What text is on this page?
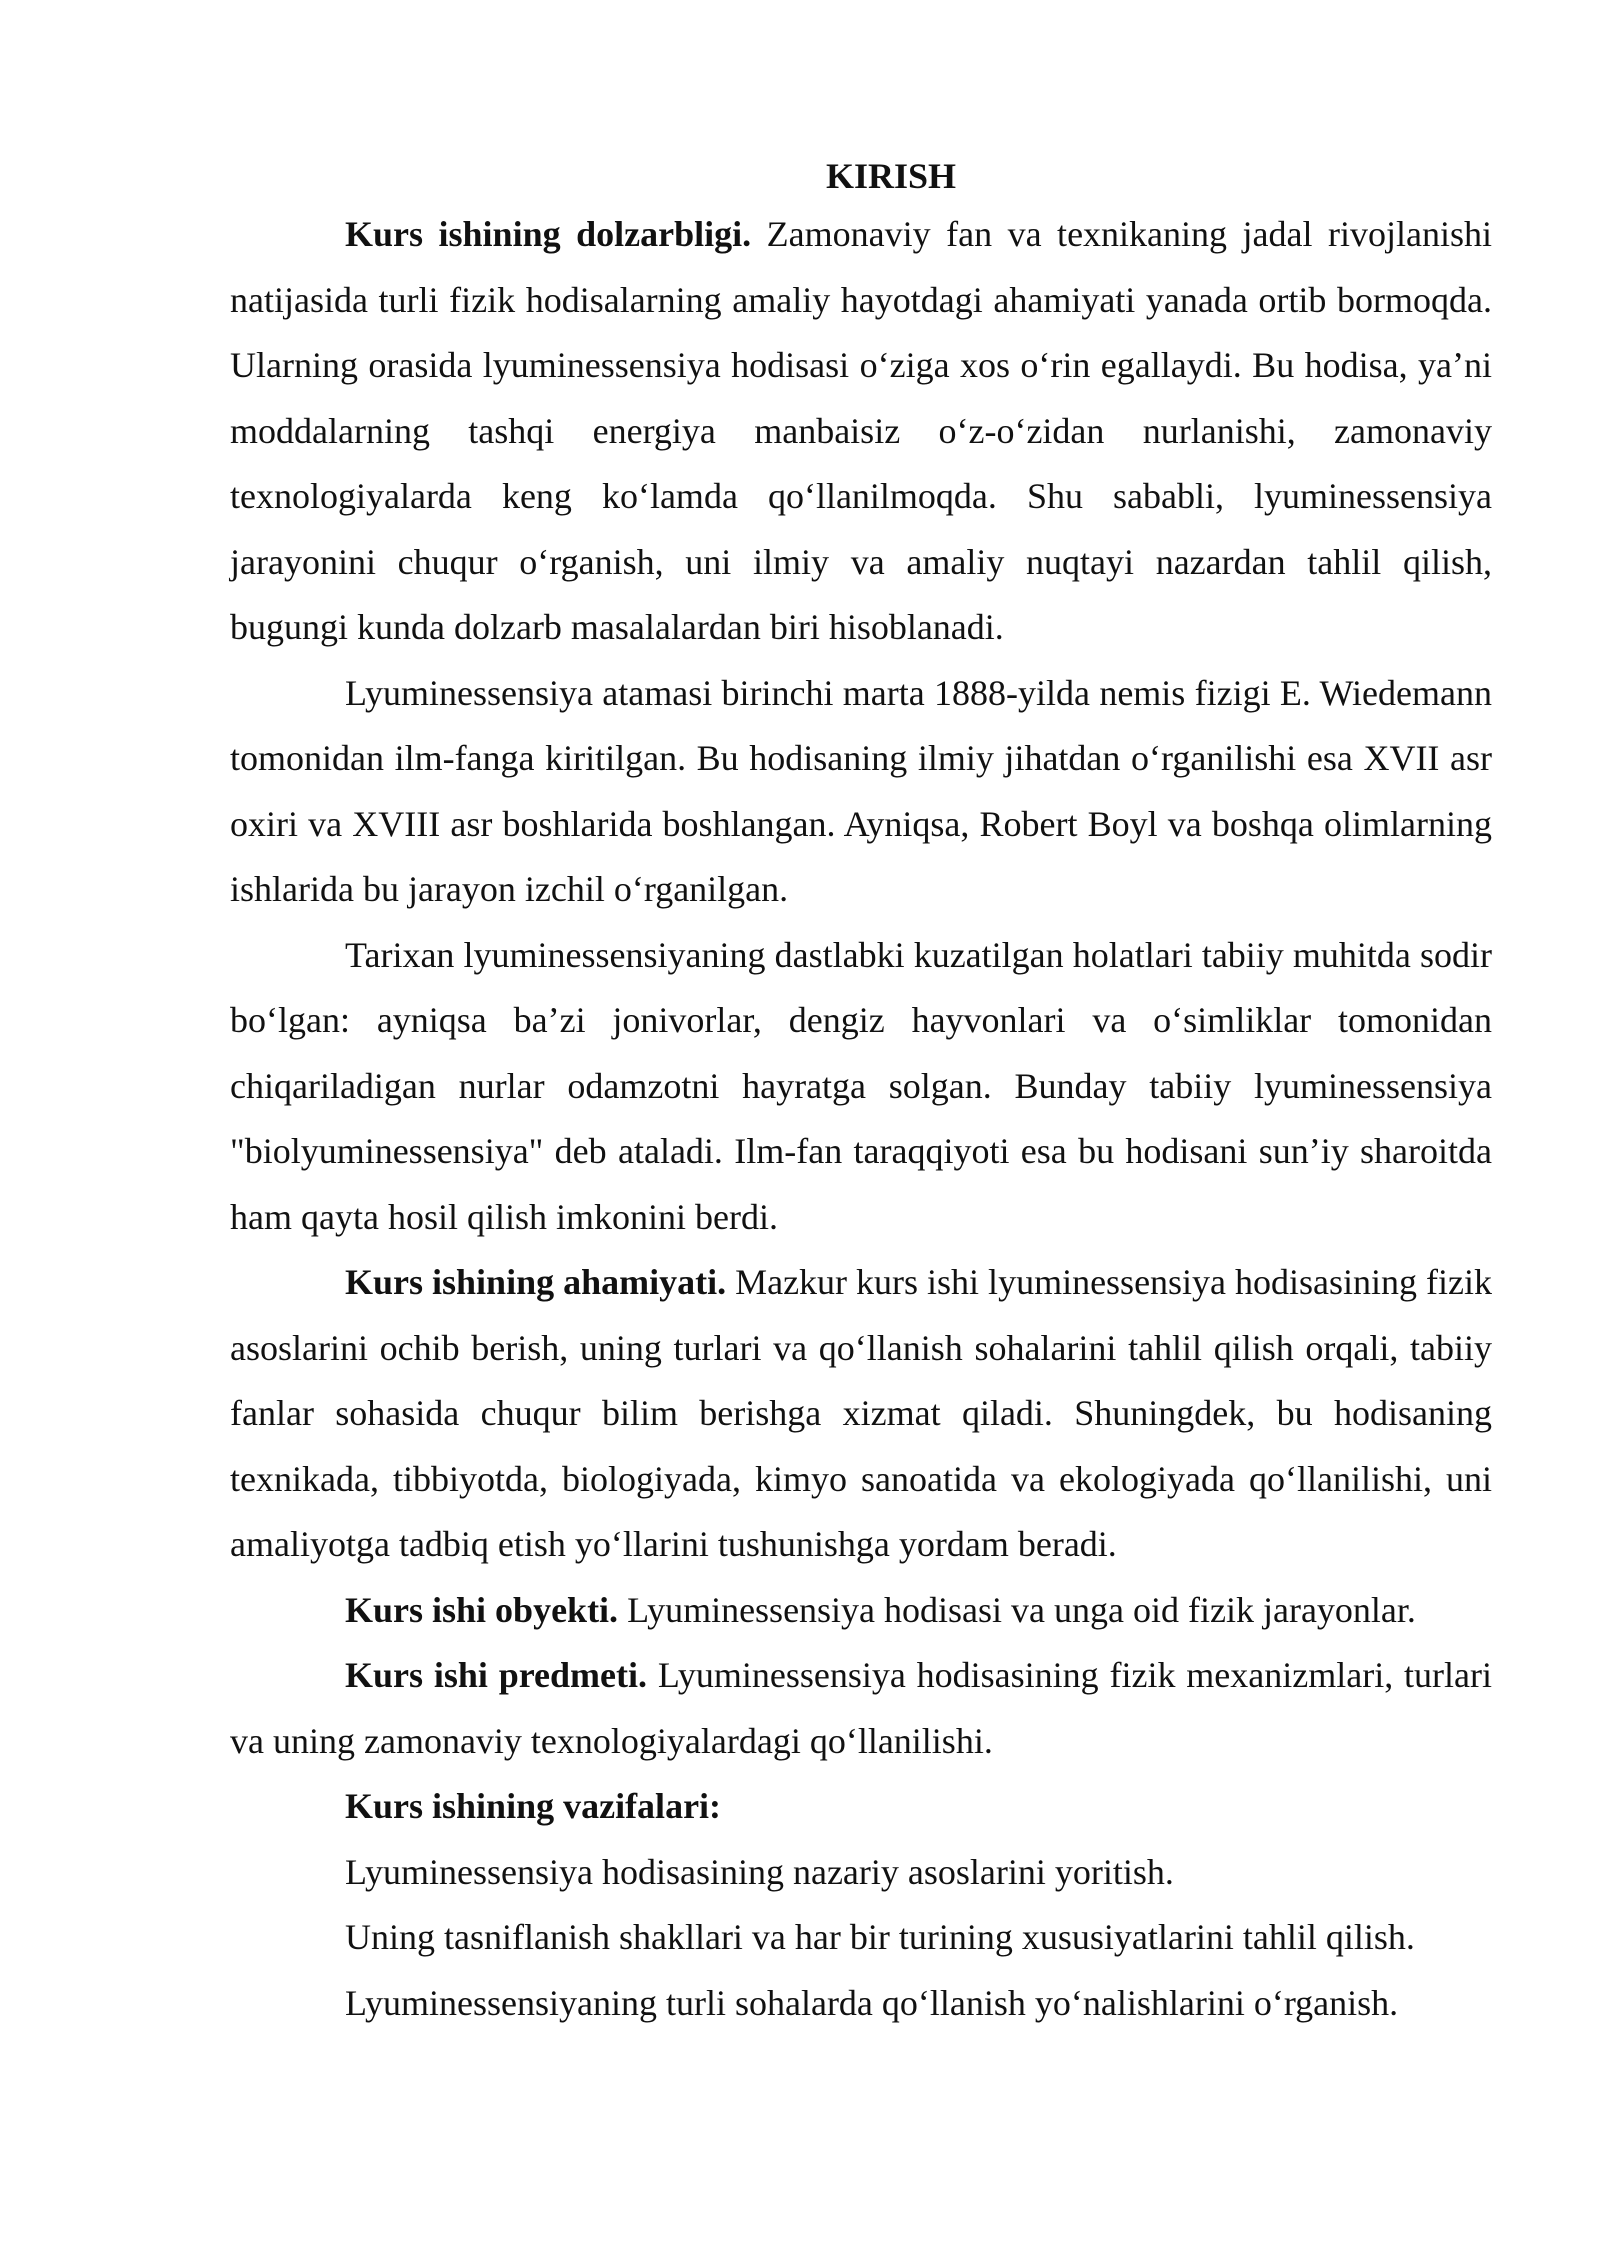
KIRISH

Kurs ishining dolzarbligi. Zamonaviy fan va texnikaning jadal rivojlanishi natijasida turli fizik hodisalarning amaliy hayotdagi ahamiyati yanada ortib bormoqda. Ularning orasida lyuminessensiya hodisasi oʻziga xos oʻrin egallaydi. Bu hodisa, yaʼni moddalarning tashqi energiya manbaisiz oʻz-oʻzidan nurlanishi, zamonaviy texnologiyalarda keng koʻlamda qoʻllanilmoqda. Shu sababli, lyuminessensiya jarayonini chuqur oʻrganish, uni ilmiy va amaliy nuqtayi nazardan tahlil qilish, bugungi kunda dolzarb masalalardan biri hisoblanadi.

Lyuminessensiya atamasi birinchi marta 1888-yilda nemis fizigi E. Wiedemann tomonidan ilm-fanga kiritilgan. Bu hodisaning ilmiy jihatdan oʻrganilishi esa XVII asr oxiri va XVIII asr boshlarida boshlangan. Ayniqsa, Robert Boyl va boshqa olimlarning ishlarida bu jarayon izchil oʻrganilgan.

Tarixan lyuminessensiyaning dastlabki kuzatilgan holatlari tabiiy muhitda sodir boʻlgan: ayniqsa baʼzi jonivorlar, dengiz hayvonlari va oʻsimliklar tomonidan chiqariladigan nurlar odamzotni hayratga solgan. Bunday tabiiy lyuminessensiya "biolyuminessensiya" deb ataladi. Ilm-fan taraqqiyoti esa bu hodisani sunʼiy sharoitda ham qayta hosil qilish imkonini berdi.

Kurs ishining ahamiyati. Mazkur kurs ishi lyuminessensiya hodisasining fizik asoslarini ochib berish, uning turlari va qoʻllanish sohalarini tahlil qilish orqali, tabiiy fanlar sohasida chuqur bilim berishga xizmat qiladi. Shuningdek, bu hodisaning texnikada, tibbiyotda, biologiyada, kimyo sanoatida va ekologiyada qoʻllanilishi, uni amaliyotga tadbiq etish yoʻllarini tushunishga yordam beradi.

Kurs ishi obyekti. Lyuminessensiya hodisasi va unga oid fizik jarayonlar.

Kurs ishi predmeti. Lyuminessensiya hodisasining fizik mexanizmlari, turlari va uning zamonaviy texnologiyalardagi qoʻllanilishi.

Kurs ishining vazifalari:

Lyuminessensiya hodisasining nazariy asoslarini yoritish.

Uning tasniflanish shakllari va har bir turining xususiyatlarini tahlil qilish.

Lyuminessensiyaning turli sohalarda qoʻllanish yoʻnalishlarini oʻrganish.
